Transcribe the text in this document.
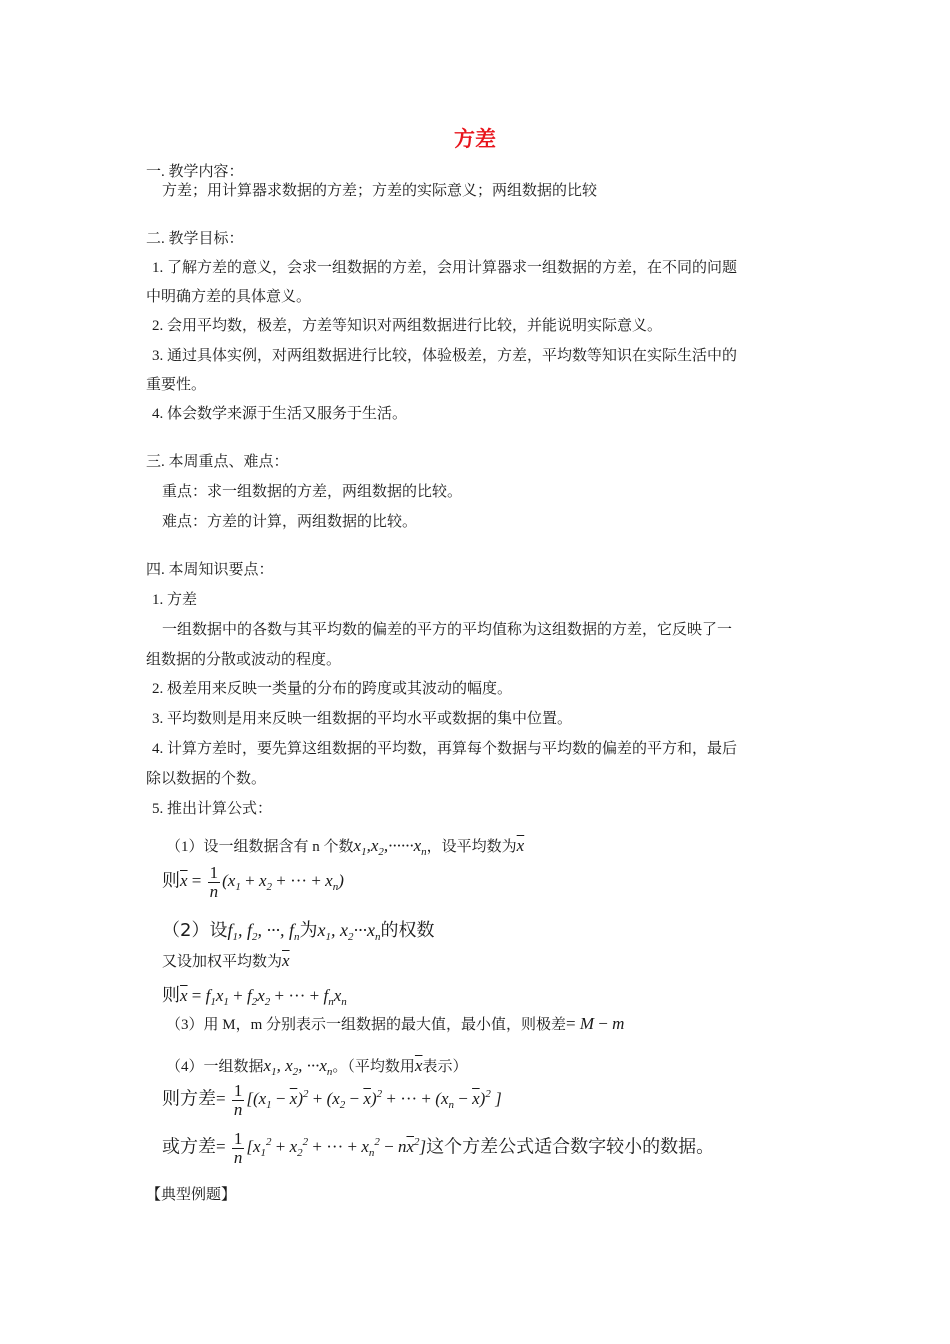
方差
一. 教学内容：
方差；用计算器求数据的方差；方差的实际意义；两组数据的比较
二. 教学目标：
1. 了解方差的意义，会求一组数据的方差，会用计算器求一组数据的方差，在不同的问题
中明确方差的具体意义。
2. 会用平均数，极差，方差等知识对两组数据进行比较，并能说明实际意义。
3. 通过具体实例，对两组数据进行比较，体验极差，方差，平均数等知识在实际生活中的
重要性。
4. 体会数学来源于生活又服务于生活。
三. 本周重点、难点：
重点：求一组数据的方差，两组数据的比较。
难点：方差的计算，两组数据的比较。
四. 本周知识要点：
1. 方差
一组数据中的各数与其平均数的偏差的平方的平均值称为这组数据的方差，它反映了一
组数据的分散或波动的程度。
2. 极差用来反映一类量的分布的跨度或其波动的幅度。
3. 平均数则是用来反映一组数据的平均水平或数据的集中位置。
4. 计算方差时，要先算这组数据的平均数，再算每个数据与平均数的偏差的平方和，最后
除以数据的个数。
5. 推出计算公式：
（1）设一组数据含有 n 个数$x_1,x_2,\cdot\cdot\cdot\cdot\cdot\cdot x_n$，设平均数为$\overline{x}$
则$\overline{x} = \frac{1}{n} (x_1 + x_2$ + ··· + $x_n$)
（2）设$f_1$, $f_2$, ···, $f_n$为$x_1$, $x_2\cdot\cdot\cdot x_n$的权数
又设加权平均数为$\overline{x}$
则$\overline{x} = f_1x_1 + f_2x_2$ + ··· + $f_nx_n$
（3）用 M，m 分别表示一组数据的最大值，最小值，则极差= M − m
（4）一组数据$x_1$, $x_2$, $\cdot\cdot\cdot x_n$。（平均数用$\overline{x}$表示）
则方差= $\frac{1}{n} [(x_1 - \overline{x})^2 + (x_2 - \overline{x})^2$ + ··· + $(x_n - \overline{x})^2$ ]
或方差= $\frac{1}{n} [x_1^2 + x_2^2$ + ··· + $x_n^2 - n\overline{x}^2$]这个方差公式适合数字较小的数据。
【典型例题】
